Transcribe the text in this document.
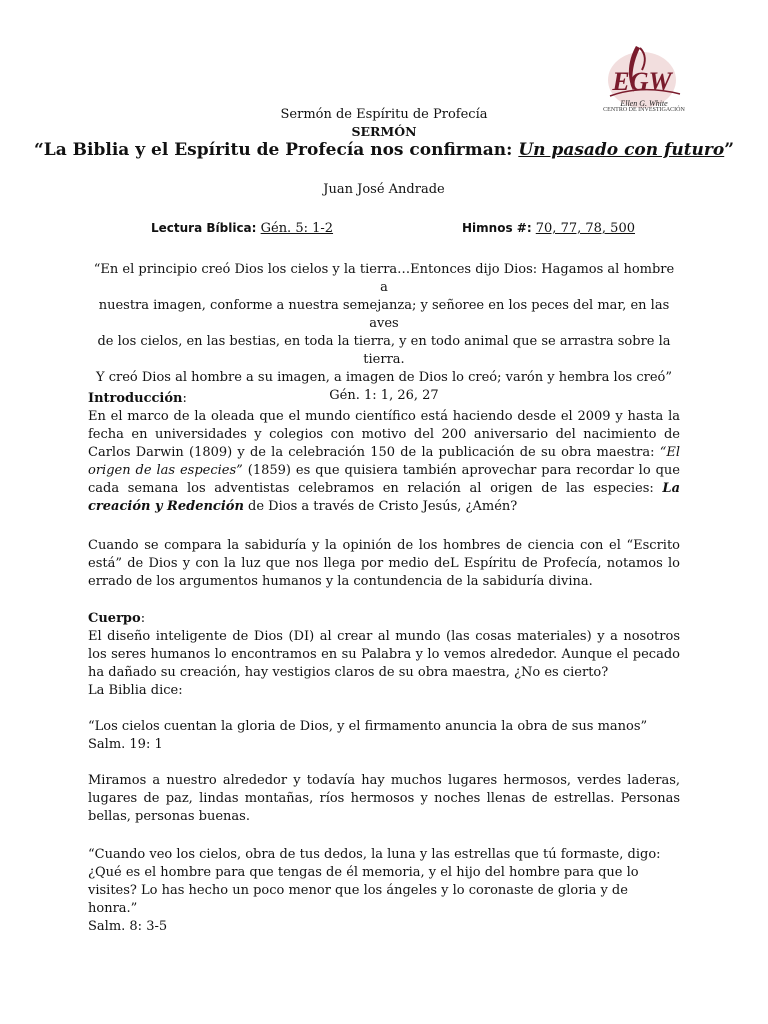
EGW
Ellen G. White
CENTRO DE INVESTIGACIÓN
Sermón de Espíritu de Profecía
SERMÓN
“La Biblia y el Espíritu de Profecía nos confirman: Un pasado con futuro”
Juan José Andrade
Lectura Bíblica: Gén. 5: 1-2	Himnos #: 70, 77, 78, 500
“En el principio creó Dios los cielos y la tierra…Entonces dijo Dios: Hagamos al hombre a
nuestra imagen, conforme a nuestra semejanza; y señoree en los peces del mar, en las aves
de los cielos, en las bestias, en toda la tierra, y en todo animal que se arrastra sobre la tierra.
Y creó Dios al hombre a su imagen, a imagen de Dios lo creó; varón y hembra los creó”
Gén. 1: 1, 26, 27
Introducción:
En el marco de la oleada que el mundo científico está haciendo desde el 2009 y hasta la fecha en universidades y colegios con motivo del 200 aniversario del nacimiento de Carlos Darwin (1809) y de la celebración 150 de la publicación de su obra maestra: “El origen de las especies” (1859) es que quisiera también aprovechar para recordar lo que cada semana los adventistas celebramos en relación al origen de las especies: La creación y Redención de Dios a través de Cristo Jesús, ¿Amén?
Cuando se compara la sabiduría y la opinión de los hombres de ciencia con el “Escrito está” de Dios y con la luz que nos llega por medio deL Espíritu de Profecía, notamos lo errado de los argumentos humanos y la contundencia de la sabiduría divina.
Cuerpo:
El diseño inteligente de Dios (DI) al crear al mundo (las cosas materiales) y a nosotros los seres humanos lo encontramos en su Palabra y lo vemos alrededor. Aunque el pecado ha dañado su creación, hay vestigios claros de su obra maestra, ¿No es cierto?
La Biblia dice:
“Los cielos cuentan la gloria de Dios, y el firmamento anuncia la obra de sus manos”
Salm. 19: 1
Miramos a nuestro alrededor y todavía hay muchos lugares hermosos, verdes laderas, lugares de paz, lindas montañas, ríos hermosos y noches llenas de estrellas. Personas bellas, personas buenas.
“Cuando veo los cielos, obra de tus dedos, la luna y las estrellas que tú formaste, digo: ¿Qué es el hombre para que tengas de él memoria, y el hijo del hombre para que lo visites? Lo has hecho un poco menor que los ángeles y lo coronaste de gloria y de honra.”
Salm. 8: 3-5
